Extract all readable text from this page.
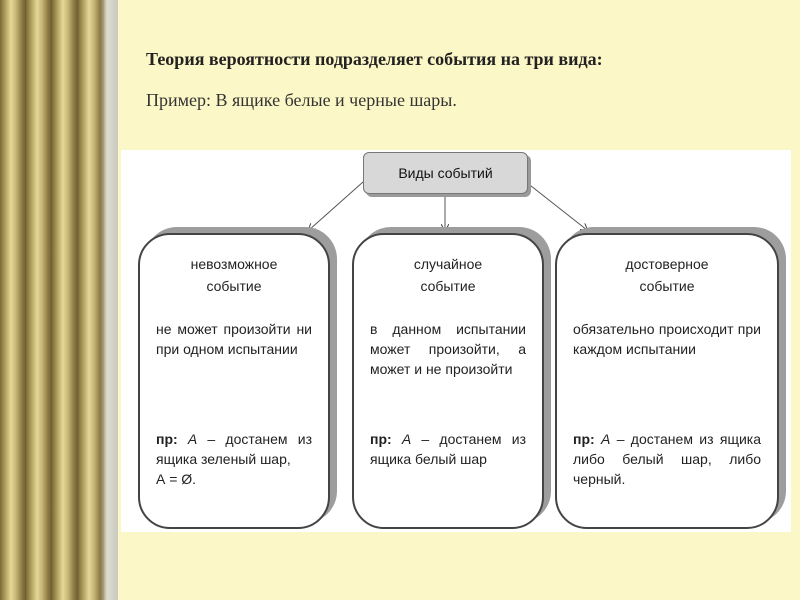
Теория вероятности подразделяет события на три вида:
Пример: В ящике белые и черные шары.
Виды событий
невозможное
событие
не может произойти ни при одном испытании
пр: А – достанем из ящика зеленый шар,
А = Ø.
случайное
событие
в данном испытании может произойти, а может и не произойти
пр: А – достанем из ящика белый шар
достоверное
событие
обязательно происходит при каждом испытании
пр: А – достанем из ящика либо белый шар, либо черный.
